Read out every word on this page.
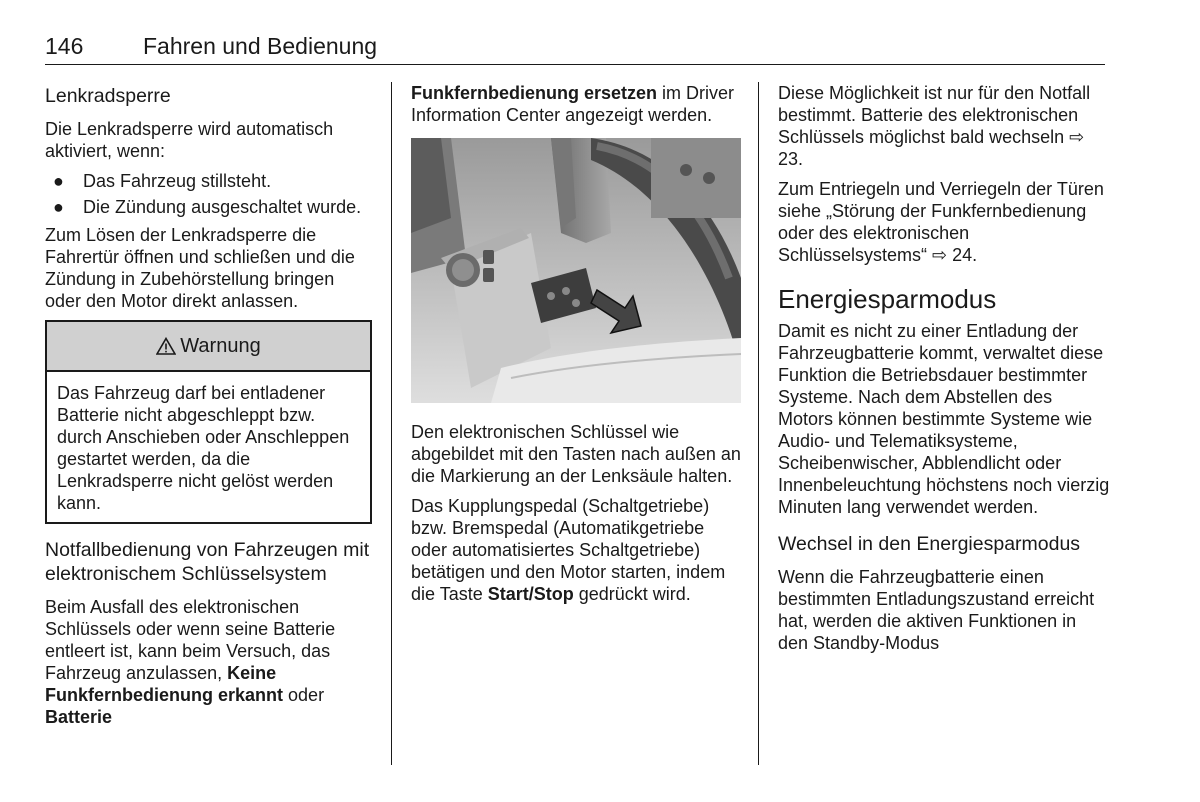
146	Fahren und Bedienung
Lenkradsperre

Die Lenkradsperre wird automatisch aktiviert, wenn:

● Das Fahrzeug stillsteht.
● Die Zündung ausgeschaltet wurde.

Zum Lösen der Lenkradsperre die Fahrertür öffnen und schließen und die Zündung in Zubehörstellung bringen oder den Motor direkt anlassen.

Warnung
Das Fahrzeug darf bei entladener Batterie nicht abgeschleppt bzw. durch Anschieben oder Anschleppen gestartet werden, da die Lenkradsperre nicht gelöst werden kann.
Notfallbedienung von Fahrzeugen mit elektronischem Schlüsselsystem

Beim Ausfall des elektronischen Schlüssels oder wenn seine Batterie entleert ist, kann beim Versuch, das Fahrzeug anzulassen, Keine Funkfernbedienung erkannt oder Batterie

Funkfernbedienung ersetzen im Driver Information Center angezeigt werden.

Den elektronischen Schlüssel wie abgebildet mit den Tasten nach außen an die Markierung an der Lenksäule halten.

Das Kupplungspedal (Schaltgetriebe) bzw. Bremspedal (Automatikgetriebe oder automatisiertes Schaltgetriebe) betätigen und den Motor starten, indem die Taste Start/Stop gedrückt wird.

Diese Möglichkeit ist nur für den Notfall bestimmt. Batterie des elektronischen Schlüssels möglichst bald wechseln ⇨ 23.

Zum Entriegeln und Verriegeln der Türen siehe „Störung der Funkfernbedienung oder des elektronischen Schlüsselsystems“ ⇨ 24.

Energiesparmodus

Damit es nicht zu einer Entladung der Fahrzeugbatterie kommt, verwaltet diese Funktion die Betriebsdauer bestimmter Systeme. Nach dem Abstellen des Motors können bestimmte Systeme wie Audio- und Telematiksysteme, Scheibenwischer, Abblendlicht oder Innenbeleuchtung höchstens noch vierzig Minuten lang verwendet werden.

Wechsel in den Energiesparmodus

Wenn die Fahrzeugbatterie einen bestimmten Entladungszustand erreicht hat, werden die aktiven Funktionen in den Standby-Modus
